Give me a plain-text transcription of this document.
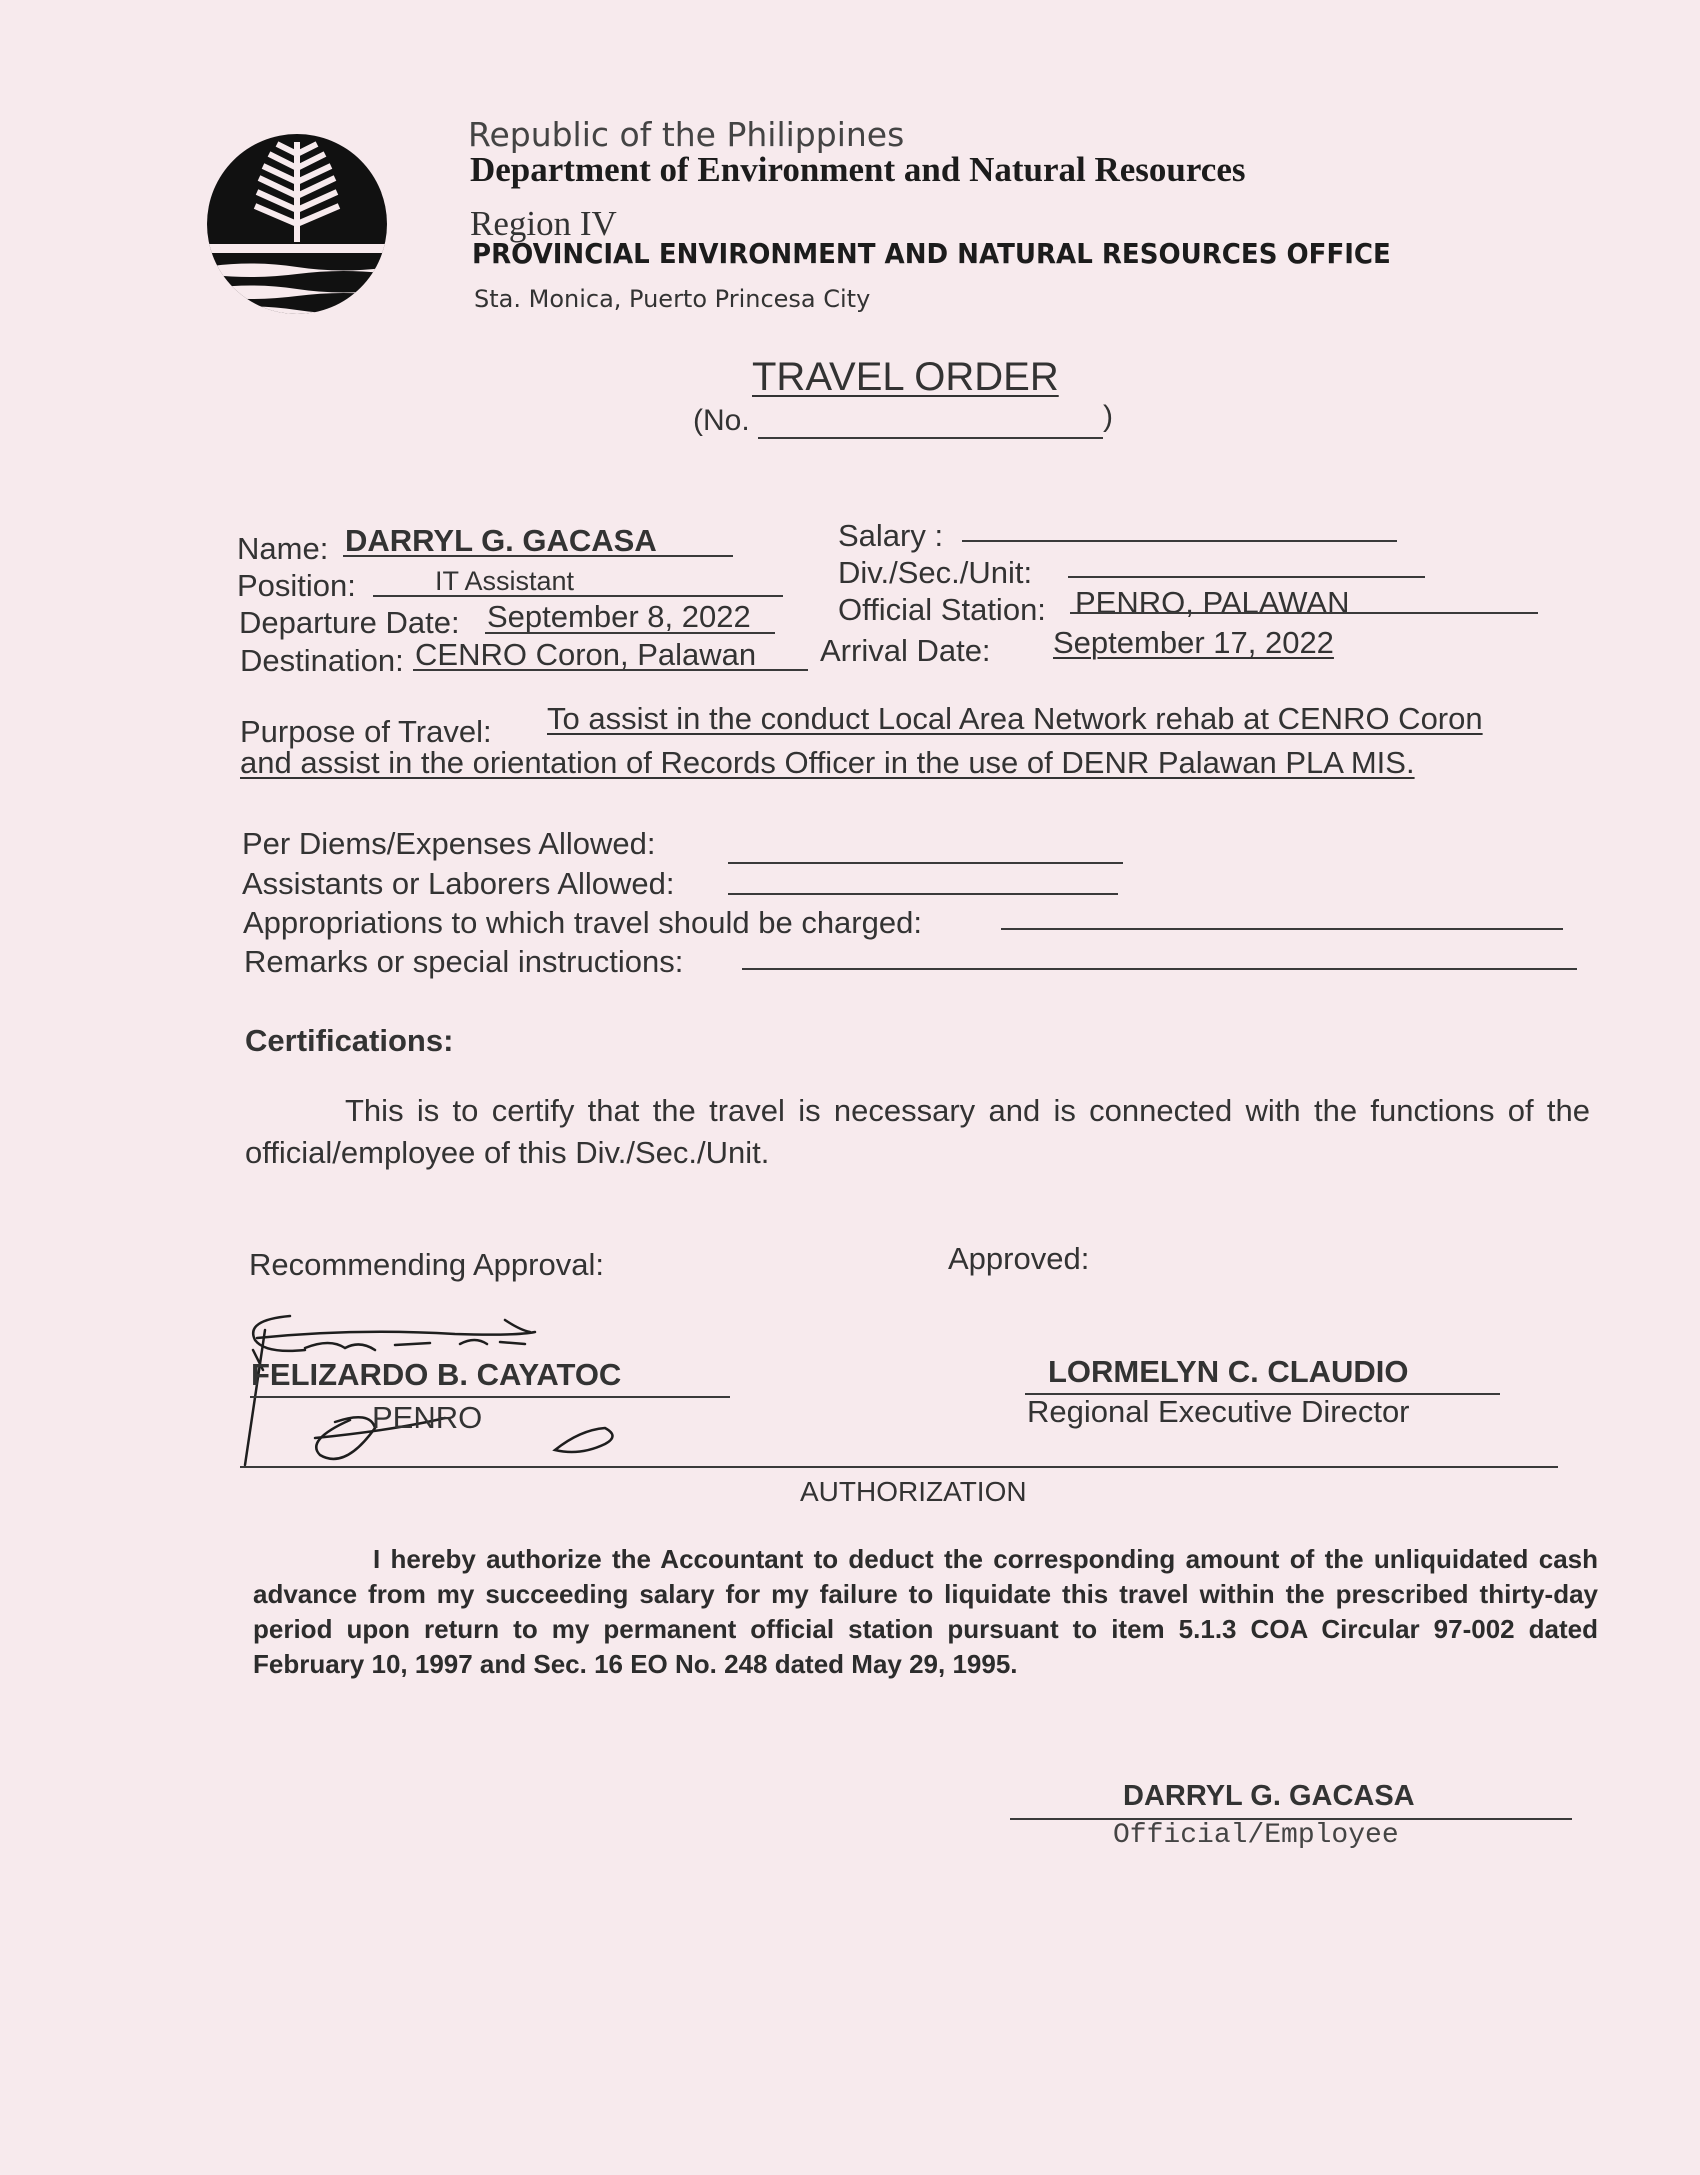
Republic of the Philippines
Department of Environment and Natural Resources
Region IV
PROVINCIAL ENVIRONMENT AND NATURAL RESOURCES OFFICE
Sta. Monica, Puerto Princesa City
TRAVEL ORDER
(No.	)
Name: DARRYL G. GACASA
Position:	IT Assistant
Departure Date: September 8, 2022
Destination: CENRO Coron, Palawan
Salary :
Div./Sec./Unit:
Official Station: PENRO, PALAWAN
Arrival Date: September 17, 2022
Purpose of Travel: To assist in the conduct Local Area Network rehab at CENRO Coron
and assist in the orientation of Records Officer in the use of DENR Palawan PLA MIS.
Per Diems/Expenses Allowed:
Assistants or Laborers Allowed:
Appropriations to which travel should be charged:
Remarks or special instructions:
Certifications:
This is to certify that the travel is necessary and is connected with the functions of the official/employee of this Div./Sec./Unit.
Recommending Approval:	Approved:
FELIZARDO B. CAYATOC
PENRO
LORMELYN C. CLAUDIO
Regional Executive Director
AUTHORIZATION
I hereby authorize the Accountant to deduct the corresponding amount of the unliquidated cash advance from my succeeding salary for my failure to liquidate this travel within the prescribed thirty-day period upon return to my permanent official station pursuant to item 5.1.3 COA Circular 97-002 dated February 10, 1997 and Sec. 16 EO No. 248 dated May 29, 1995.
DARRYL G. GACASA
Official/Employee
